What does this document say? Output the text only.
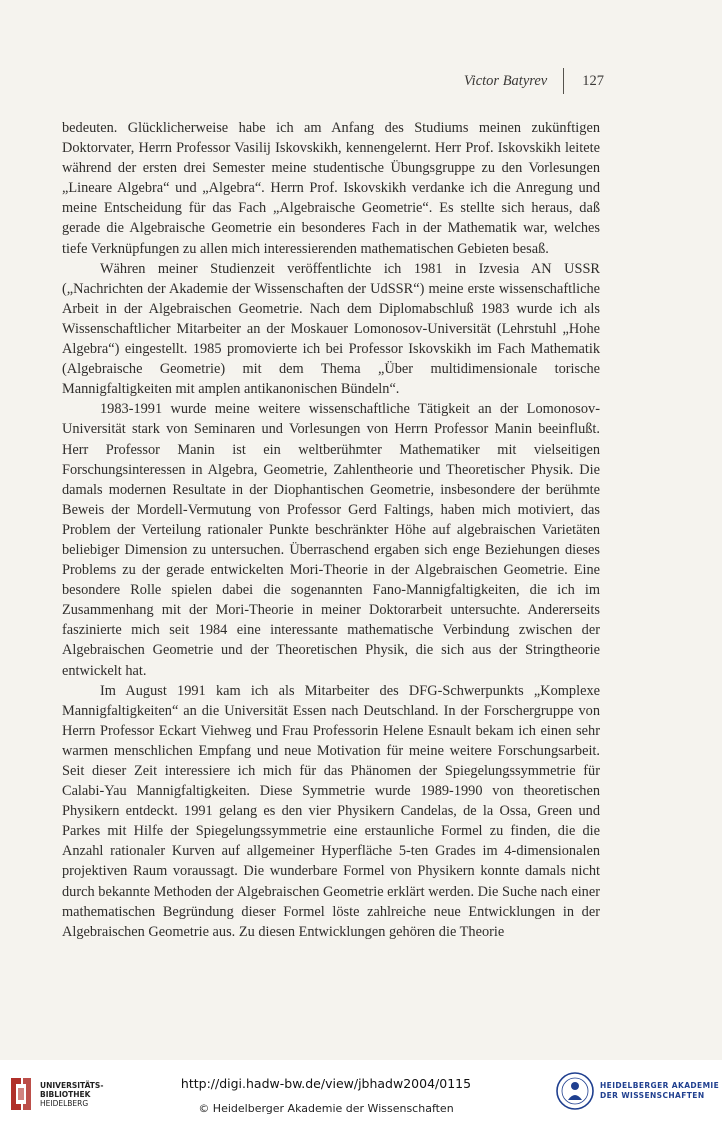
Victor Batyrev 127

bedeuten. Glücklicherweise habe ich am Anfang des Studiums meinen zukünftigen Doktorvater, Herrn Professor Vasilij Iskovskikh, kennengelernt. Herr Prof. Iskovskikh leitete während der ersten drei Semester meine studentische Übungsgruppe zu den Vorlesungen „Lineare Algebra“ und „Algebra“. Herrn Prof. Iskovskikh verdanke ich die Anregung und meine Entscheidung für das Fach „Algebraische Geometrie“. Es stellte sich heraus, daß gerade die Algebraische Geometrie ein besonderes Fach in der Mathematik war, welches tiefe Verknüpfungen zu allen mich interessierenden mathematischen Gebieten besaß.

Währen meiner Studienzeit veröffentlichte ich 1981 in Izvesia AN USSR („Nachrichten der Akademie der Wissenschaften der UdSSR“) meine erste wissenschaftliche Arbeit in der Algebraischen Geometrie. Nach dem Diplomabschluß 1983 wurde ich als Wissenschaftlicher Mitarbeiter an der Moskauer Lomonosov-Universität (Lehrstuhl „Hohe Algebra“) eingestellt. 1985 promovierte ich bei Professor Iskovskikh im Fach Mathematik (Algebraische Geometrie) mit dem Thema „Über multidimensionale torische Mannigfaltigkeiten mit amplen antikanonischen Bündeln“.

1983-1991 wurde meine weitere wissenschaftliche Tätigkeit an der Lomonosov-Universität stark von Seminaren und Vorlesungen von Herrn Professor Manin beeinflußt. Herr Professor Manin ist ein weltberühmter Mathematiker mit vielseitigen Forschungsinteressen in Algebra, Geometrie, Zahlentheorie und Theoretischer Physik. Die damals modernen Resultate in der Diophantischen Geometrie, insbesondere der berühmte Beweis der Mordell-Vermutung von Professor Gerd Faltings, haben mich motiviert, das Problem der Verteilung rationaler Punkte beschränkter Höhe auf algebraischen Varietäten beliebiger Dimension zu untersuchen. Überraschend ergaben sich enge Beziehungen dieses Problems zu der gerade entwickelten Mori-Theorie in der Algebraischen Geometrie. Eine besondere Rolle spielen dabei die sogenannten Fano-Mannigfaltigkeiten, die ich im Zusammenhang mit der Mori-Theorie in meiner Doktorarbeit untersuchte. Andererseits faszinierte mich seit 1984 eine interessante mathematische Verbindung zwischen der Algebraischen Geometrie und der Theoretischen Physik, die sich aus der Stringtheorie entwickelt hat.

Im August 1991 kam ich als Mitarbeiter des DFG-Schwerpunkts „Komplexe Mannigfaltigkeiten“ an die Universität Essen nach Deutschland. In der Forschergruppe von Herrn Professor Eckart Viehweg und Frau Professorin Helene Esnault bekam ich einen sehr warmen menschlichen Empfang und neue Motivation für meine weitere Forschungsarbeit. Seit dieser Zeit interessiere ich mich für das Phänomen der Spiegelungssymmetrie für Calabi-Yau Mannigfaltigkeiten. Diese Symmetrie wurde 1989-1990 von theoretischen Physikern entdeckt. 1991 gelang es den vier Physikern Candelas, de la Ossa, Green und Parkes mit Hilfe der Spiegelungssymmetrie eine erstaunliche Formel zu finden, die die Anzahl rationaler Kurven auf allgemeiner Hyperfläche 5-ten Grades im 4-dimensionalen projektiven Raum voraussagt. Die wunderbare Formel von Physikern konnte damals nicht durch bekannte Methoden der Algebraischen Geometrie erklärt werden. Die Suche nach einer mathematischen Begründung dieser Formel löste zahlreiche neue Entwicklungen in der Algebraischen Geometrie aus. Zu diesen Entwicklungen gehören die Theorie

UNIVERSITÄTS-
BIBLIOTHEK
HEIDELBERG
http://digi.hadw-bw.de/view/jbhadw2004/0115
© Heidelberger Akademie der Wissenschaften
HEIDELBERGER AKADEMIE
DER WISSENSCHAFTEN
